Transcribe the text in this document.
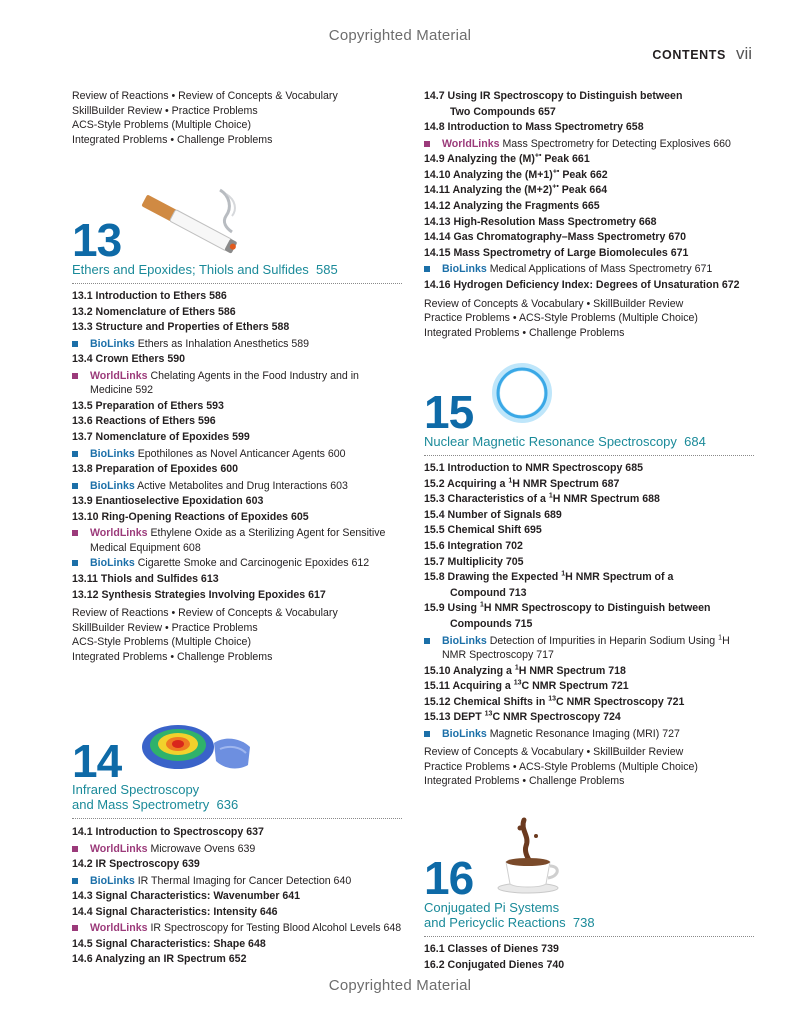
Copyrighted Material
CONTENTS vii
Review of Reactions • Review of Concepts & Vocabulary
SkillBuilder Review • Practice Problems
ACS-Style Problems (Multiple Choice)
Integrated Problems • Challenge Problems
13
Ethers and Epoxides; Thiols and Sulfides 585
13.1 Introduction to Ethers 586
13.2 Nomenclature of Ethers 586
13.3 Structure and Properties of Ethers 588
BioLinks Ethers as Inhalation Anesthetics 589
13.4 Crown Ethers 590
WorldLinks Chelating Agents in the Food Industry and in
Medicine 592
13.5 Preparation of Ethers 593
13.6 Reactions of Ethers 596
13.7 Nomenclature of Epoxides 599
BioLinks Epothilones as Novel Anticancer Agents 600
13.8 Preparation of Epoxides 600
BioLinks Active Metabolites and Drug Interactions 603
13.9 Enantioselective Epoxidation 603
13.10 Ring-Opening Reactions of Epoxides 605
WorldLinks Ethylene Oxide as a Sterilizing Agent for Sensitive
Medical Equipment 608
BioLinks Cigarette Smoke and Carcinogenic Epoxides 612
13.11 Thiols and Sulfides 613
13.12 Synthesis Strategies Involving Epoxides 617
Review of Reactions • Review of Concepts & Vocabulary
SkillBuilder Review • Practice Problems
ACS-Style Problems (Multiple Choice)
Integrated Problems • Challenge Problems
14
Infrared Spectroscopy
and Mass Spectrometry 636
14.1 Introduction to Spectroscopy 637
WorldLinks Microwave Ovens 639
14.2 IR Spectroscopy 639
BioLinks IR Thermal Imaging for Cancer Detection 640
14.3 Signal Characteristics: Wavenumber 641
14.4 Signal Characteristics: Intensity 646
WorldLinks IR Spectroscopy for Testing Blood Alcohol Levels 648
14.5 Signal Characteristics: Shape 648
14.6 Analyzing an IR Spectrum 652
14.7 Using IR Spectroscopy to Distinguish between
Two Compounds 657
14.8 Introduction to Mass Spectrometry 658
WorldLinks Mass Spectrometry for Detecting Explosives 660
14.9 Analyzing the (M)+• Peak 661
14.10 Analyzing the (M+1)+• Peak 662
14.11 Analyzing the (M+2)+• Peak 664
14.12 Analyzing the Fragments 665
14.13 High-Resolution Mass Spectrometry 668
14.14 Gas Chromatography–Mass Spectrometry 670
14.15 Mass Spectrometry of Large Biomolecules 671
BioLinks Medical Applications of Mass Spectrometry 671
14.16 Hydrogen Deficiency Index: Degrees of Unsaturation 672
Review of Concepts & Vocabulary • SkillBuilder Review
Practice Problems • ACS-Style Problems (Multiple Choice)
Integrated Problems • Challenge Problems
15
Nuclear Magnetic Resonance Spectroscopy 684
15.1 Introduction to NMR Spectroscopy 685
15.2 Acquiring a $^1$H NMR Spectrum 687
15.3 Characteristics of a $^1$H NMR Spectrum 688
15.4 Number of Signals 689
15.5 Chemical Shift 695
15.6 Integration 702
15.7 Multiplicity 705
15.8 Drawing the Expected $^1$H NMR Spectrum of a
Compound 713
15.9 Using $^1$H NMR Spectroscopy to Distinguish between
Compounds 715
BioLinks Detection of Impurities in Heparin Sodium Using $^1$H
NMR Spectroscopy 717
15.10 Analyzing a $^1$H NMR Spectrum 718
15.11 Acquiring a $^{13}$C NMR Spectrum 721
15.12 Chemical Shifts in $^{13}$C NMR Spectroscopy 721
15.13 DEPT $^{13}$C NMR Spectroscopy 724
BioLinks Magnetic Resonance Imaging (MRI) 727
Review of Concepts & Vocabulary • SkillBuilder Review
Practice Problems • ACS-Style Problems (Multiple Choice)
Integrated Problems • Challenge Problems
16
Conjugated Pi Systems
and Pericyclic Reactions 738
16.1 Classes of Dienes 739
16.2 Conjugated Dienes 740
Copyrighted Material
